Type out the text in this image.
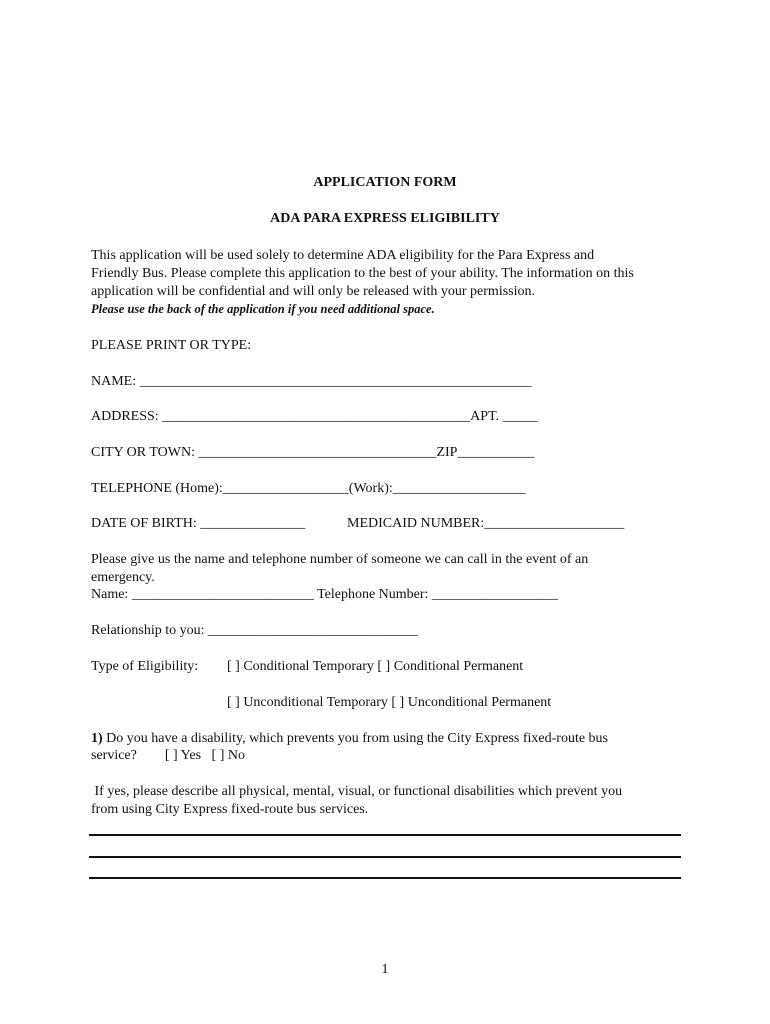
APPLICATION FORM
ADA PARA EXPRESS ELIGIBILITY
This application will be used solely to determine ADA eligibility for the Para Express and
Friendly Bus. Please complete this application to the best of your ability. The information on this
application will be confidential and will only be released with your permission.
Please use the back of the application if you need additional space.
PLEASE PRINT OR TYPE:
NAME: ________________________________________________________
ADDRESS: ____________________________________________APT. _____
CITY OR TOWN: __________________________________ZIP___________
TELEPHONE (Home):__________________(Work):___________________
DATE OF BIRTH: _______________	MEDICAID NUMBER:____________________
Please give us the name and telephone number of someone we can call in the event of an
emergency.
Name: __________________________ Telephone Number: __________________
Relationship to you: ______________________________
Type of Eligibility: [ ] Conditional Temporary [ ] Conditional Permanent
[ ] Unconditional Temporary [ ] Unconditional Permanent
1) Do you have a disability, which prevents you from using the City Express fixed-route bus
service?        [ ] Yes   [ ] No
If yes, please describe all physical, mental, visual, or functional disabilities which prevent you
from using City Express fixed-route bus services.
1
